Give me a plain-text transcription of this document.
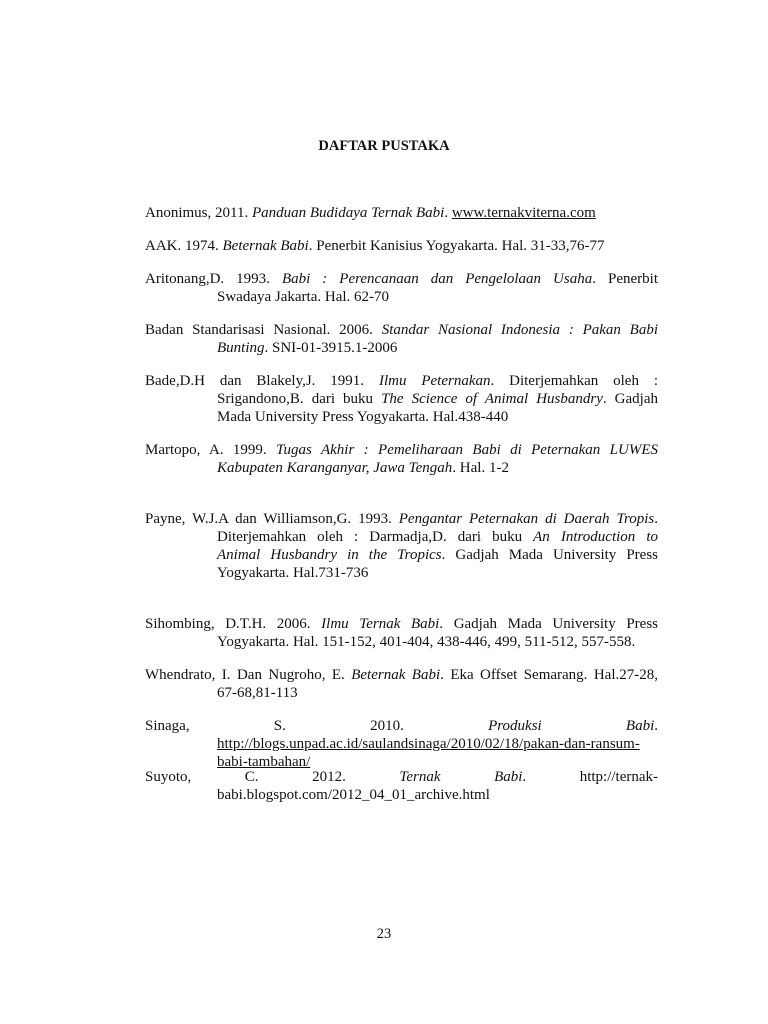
DAFTAR PUSTAKA
Anonimus, 2011. Panduan Budidaya Ternak Babi. www.ternakviterna.com
AAK. 1974. Beternak Babi. Penerbit Kanisius Yogyakarta. Hal. 31-33,76-77
Aritonang,D. 1993. Babi : Perencanaan dan Pengelolaan Usaha. Penerbit
Swadaya Jakarta. Hal. 62-70
Badan Standarisasi Nasional. 2006. Standar Nasional Indonesia : Pakan Babi
Bunting. SNI-01-3915.1-2006
Bade,D.H dan Blakely,J. 1991. Ilmu Peternakan. Diterjemahkan oleh :
Srigandono,B. dari buku The Science of Animal Husbandry. Gadjah
Mada University Press Yogyakarta. Hal.438-440
Martopo, A. 1999. Tugas Akhir : Pemeliharaan Babi di Peternakan LUWES
Kabupaten Karanganyar, Jawa Tengah. Hal. 1-2
Payne, W.J.A dan Williamson,G. 1993. Pengantar Peternakan di Daerah Tropis.
Diterjemahkan oleh : Darmadja,D. dari buku An Introduction to
Animal Husbandry in the Tropics. Gadjah Mada University Press
Yogyakarta. Hal.731-736
Sihombing, D.T.H. 2006. Ilmu Ternak Babi. Gadjah Mada University Press
Yogyakarta. Hal. 151-152, 401-404, 438-446, 499, 511-512, 557-558.
Whendrato, I. Dan Nugroho, E. Beternak Babi. Eka Offset Semarang. Hal.27-28,
67-68,81-113
Sinaga, S. 2010. Produksi Babi.
http://blogs.unpad.ac.id/saulandsinaga/2010/02/18/pakan-dan-ransum-
babi-tambahan/
Suyoto, C. 2012. Ternak Babi. http://ternak-
babi.blogspot.com/2012_04_01_archive.html
23
